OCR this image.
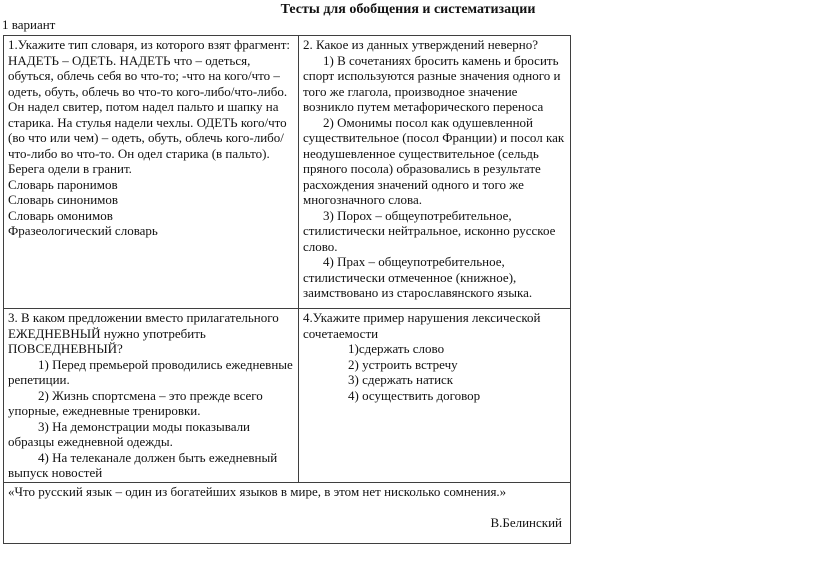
Тесты для обобщения и систематизации
1 вариант
1.Укажите тип словаря, из которого взят фрагмент:
НАДЕТЬ – ОДЕТЬ. НАДЕТЬ что – одеться, обуться, облечь себя во что-то; -что на кого/что – одеть, обуть, облечь во что-то кого-либо/что-либо. Он надел свитер, потом надел пальто и шапку на старика. На стулья надели чехлы. ОДЕТЬ кого/что (во что или чем) – одеть, обуть, облечь кого-либо/что-либо во что-то. Он одел старика (в пальто). Берега одели в гранит.
Словарь паронимов
Словарь синонимов
Словарь омонимов
Фразеологический словарь

2. Какое из данных утверждений неверно?
1) В сочетаниях бросить камень и бросить спорт используются разные значения одного и того же глагола, производное значение возникло путем метафорического переноса
2) Омонимы посол как одушевленной существительное (посол Франции) и посол как неодушевленное существительное (сельдь пряного посола) образовались в результате расхождения значений одного и того же многозначного слова.
3) Порох – общеупотребительное, стилистически нейтральное, исконно русское слово.
4) Прах – общеупотребительное, стилистически отмеченное (книжное), заимствовано из старославянского языка.

3. В каком предложении вместо прилагательного ЕЖЕДНЕВНЫЙ нужно употребить ПОВСЕДНЕВНЫЙ?
1) Перед премьерой проводились ежедневные репетиции.
2) Жизнь спортсмена – это прежде всего упорные, ежедневные тренировки.
3) На демонстрации моды показывали образцы ежедневной одежды.
4) На телеканале должен быть ежедневный выпуск новостей

4.Укажите пример нарушения лексической сочетаемости
1)сдержать слово
2) устроить встречу
3) сдержать натиск
4) осуществить договор

«Что русский язык – один из богатейших языков в мире, в этом нет нисколько сомнения.»
В.Белинский	
